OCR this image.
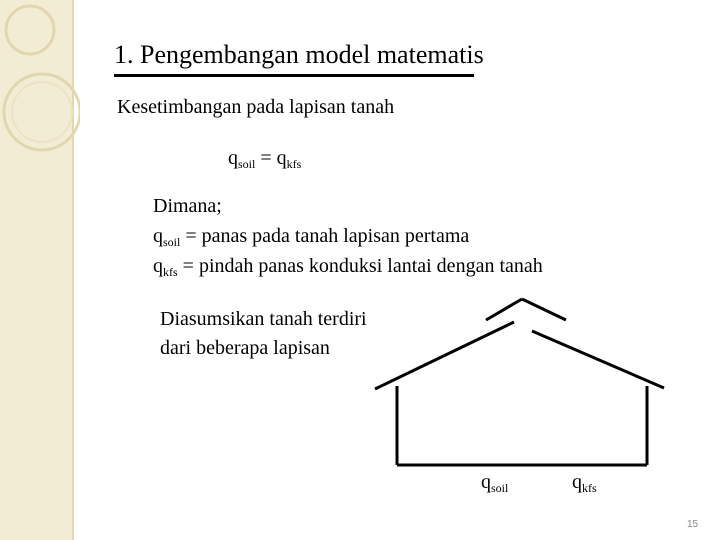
1. Pengembangan model matematis
Kesetimbangan pada lapisan tanah
$q_{soil} = q_{kfs}$
Dimana;
$q_{soil}$ = panas pada tanah lapisan pertama
$q_{kfs}$ = pindah panas konduksi lantai dengan tanah
Diasumsikan tanah terdiri
dari beberapa lapisan
$q_{soil}$	$q_{kfs}$
15
